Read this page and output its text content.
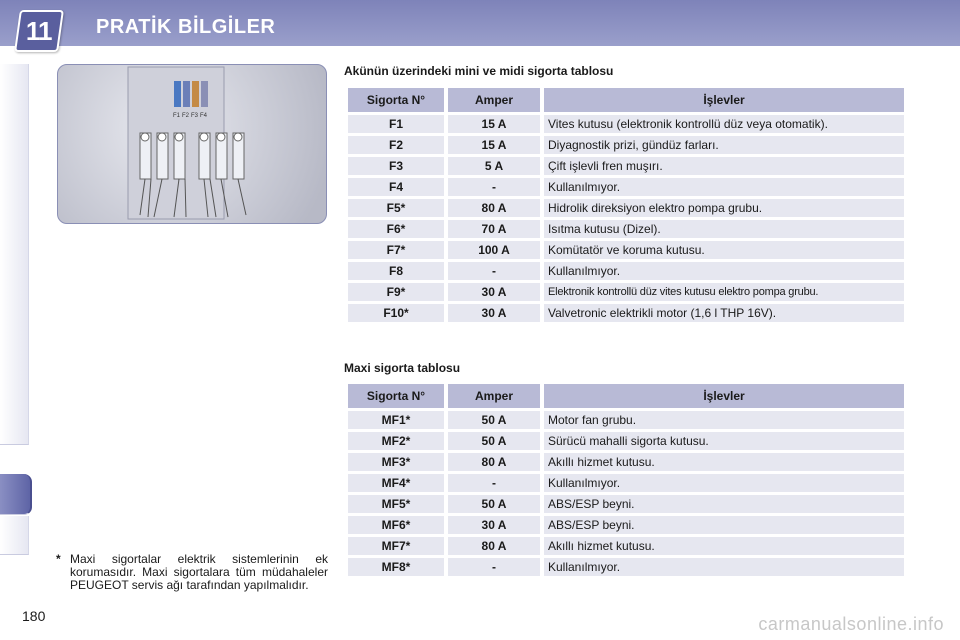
11 PRATİK BİLGİLER
F1 F2 F3 F4
Akünün üzerindeki mini ve midi sigorta tablosu
Sigorta N°	Amper	İşlevler
F1	15 A	Vites kutusu (elektronik kontrollü düz veya otomatik).
F2	15 A	Diyagnostik prizi, gündüz farları.
F3	5 A	Çift işlevli fren muşırı.
F4	-	Kullanılmıyor.
F5*	80 A	Hidrolik direksiyon elektro pompa grubu.
F6*	70 A	Isıtma kutusu (Dizel).
F7*	100 A	Komütatör ve koruma kutusu.
F8	-	Kullanılmıyor.
F9*	30 A	Elektronik kontrollü düz vites kutusu elektro pompa grubu.
F10*	30 A	Valvetronic elektrikli motor (1,6 l THP 16V).
Maxi sigorta tablosu
Sigorta N°	Amper	İşlevler
MF1*	50 A	Motor fan grubu.
MF2*	50 A	Sürücü mahalli sigorta kutusu.
MF3*	80 A	Akıllı hizmet kutusu.
MF4*	-	Kullanılmıyor.
MF5*	50 A	ABS/ESP beyni.
MF6*	30 A	ABS/ESP beyni.
MF7*	80 A	Akıllı hizmet kutusu.
MF8*	-	Kullanılmıyor.
* Maxi sigortalar elektrik sistemlerinin ek korumasıdır. Maxi sigortalara tüm müdahaleler PEUGEOT servis ağı tarafından yapılmalıdır.
180	carmanualsonline.info
